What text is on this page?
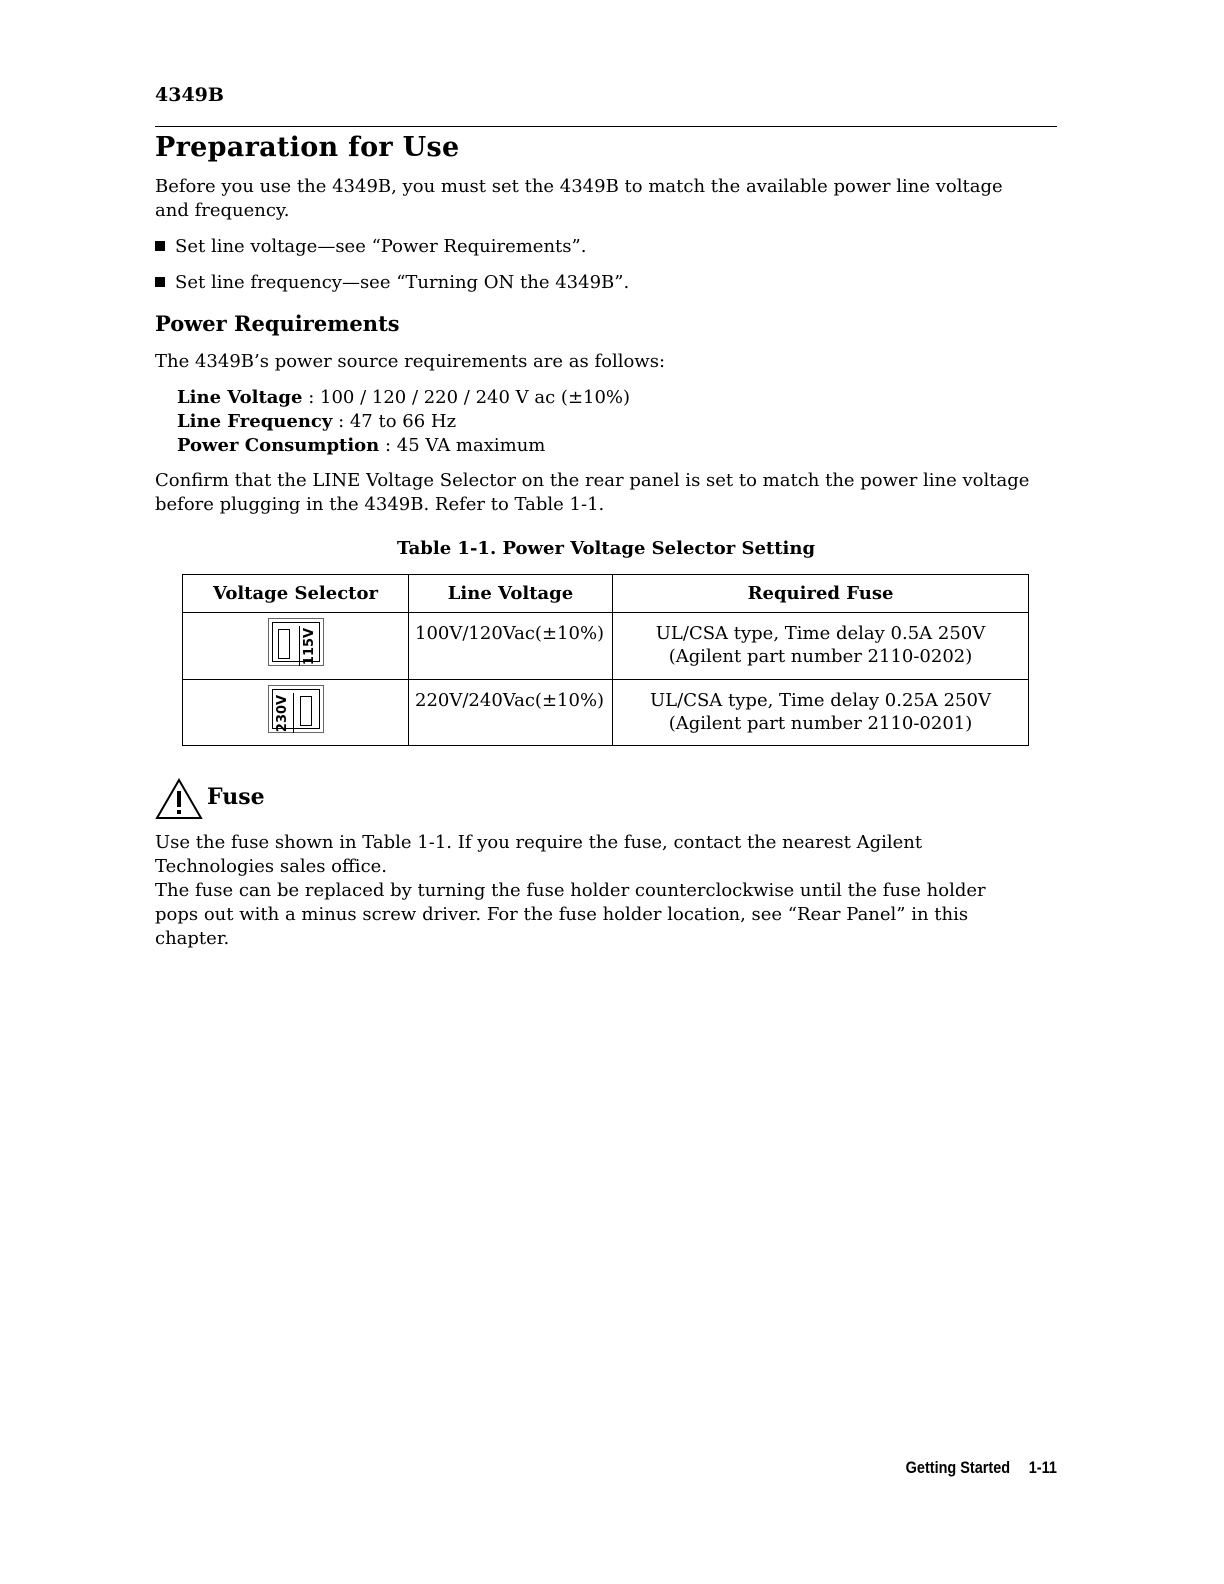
4349B
Preparation for Use
Before you use the 4349B, you must set the 4349B to match the available power line voltage
and frequency.
Set line voltage—see “Power Requirements”.
Set line frequency—see “Turning ON the 4349B”.
Power Requirements
The 4349B’s power source requirements are as follows:
Line Voltage : 100 / 120 / 220 / 240 V ac (±10%)
Line Frequency : 47 to 66 Hz
Power Consumption : 45 VA maximum
Confirm that the LINE Voltage Selector on the rear panel is set to match the power line voltage
before plugging in the 4349B. Refer to Table 1-1.
Table 1-1. Power Voltage Selector Setting
Voltage Selector	Line Voltage	Required Fuse

115V	100V/120Vac(±10%)	UL/CSA type, Time delay 0.5A 250V
(Agilent part number 2110-0202)

230V	220V/240Vac(±10%)	UL/CSA type, Time delay 0.25A 250V
(Agilent part number 2110-0201)
Fuse
Use the fuse shown in Table 1-1. If you require the fuse, contact the nearest Agilent
Technologies sales office.
The fuse can be replaced by turning the fuse holder counterclockwise until the fuse holder
pops out with a minus screw driver. For the fuse holder location, see “Rear Panel” in this
chapter.
Getting Started 1-11
